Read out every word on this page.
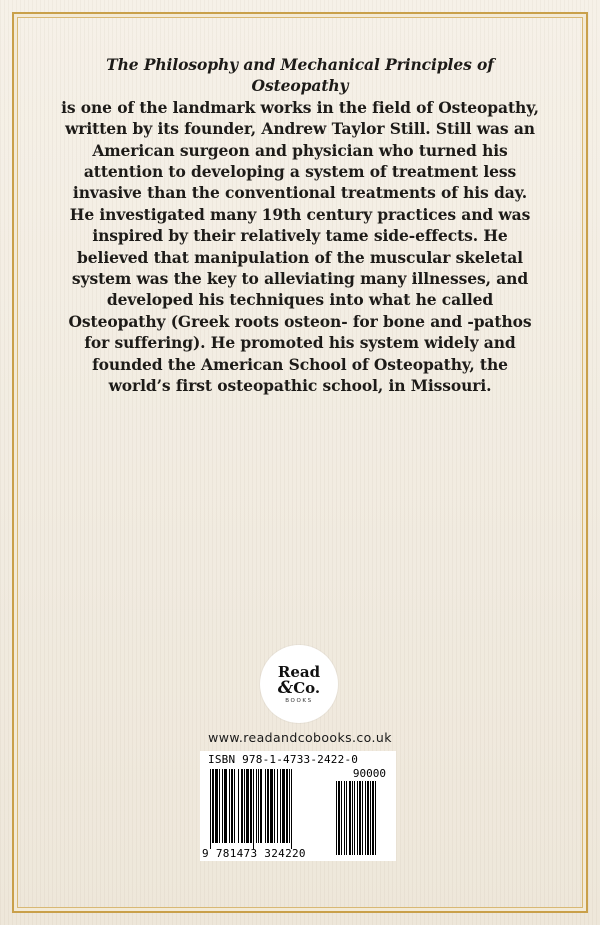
The Philosophy and Mechanical Principles of Osteopathy
is one of the landmark works in the field of Osteopathy, written by its founder, Andrew Taylor Still. Still was an American surgeon and physician who turned his attention to developing a system of treatment less invasive than the conventional treatments of his day. He investigated many 19th century practices and was inspired by their relatively tame side-effects. He believed that manipulation of the muscular skeletal system was the key to alleviating many illnesses, and developed his techniques into what he called Osteopathy (Greek roots osteon- for bone and -pathos for suffering). He promoted his system widely and founded the American School of Osteopathy, the world’s first osteopathic school, in Missouri.

Read
&Co.
BOOKS
www.readandcobooks.co.uk
ISBN 978-1-4733-2422-0
90000
9 781473 324220
